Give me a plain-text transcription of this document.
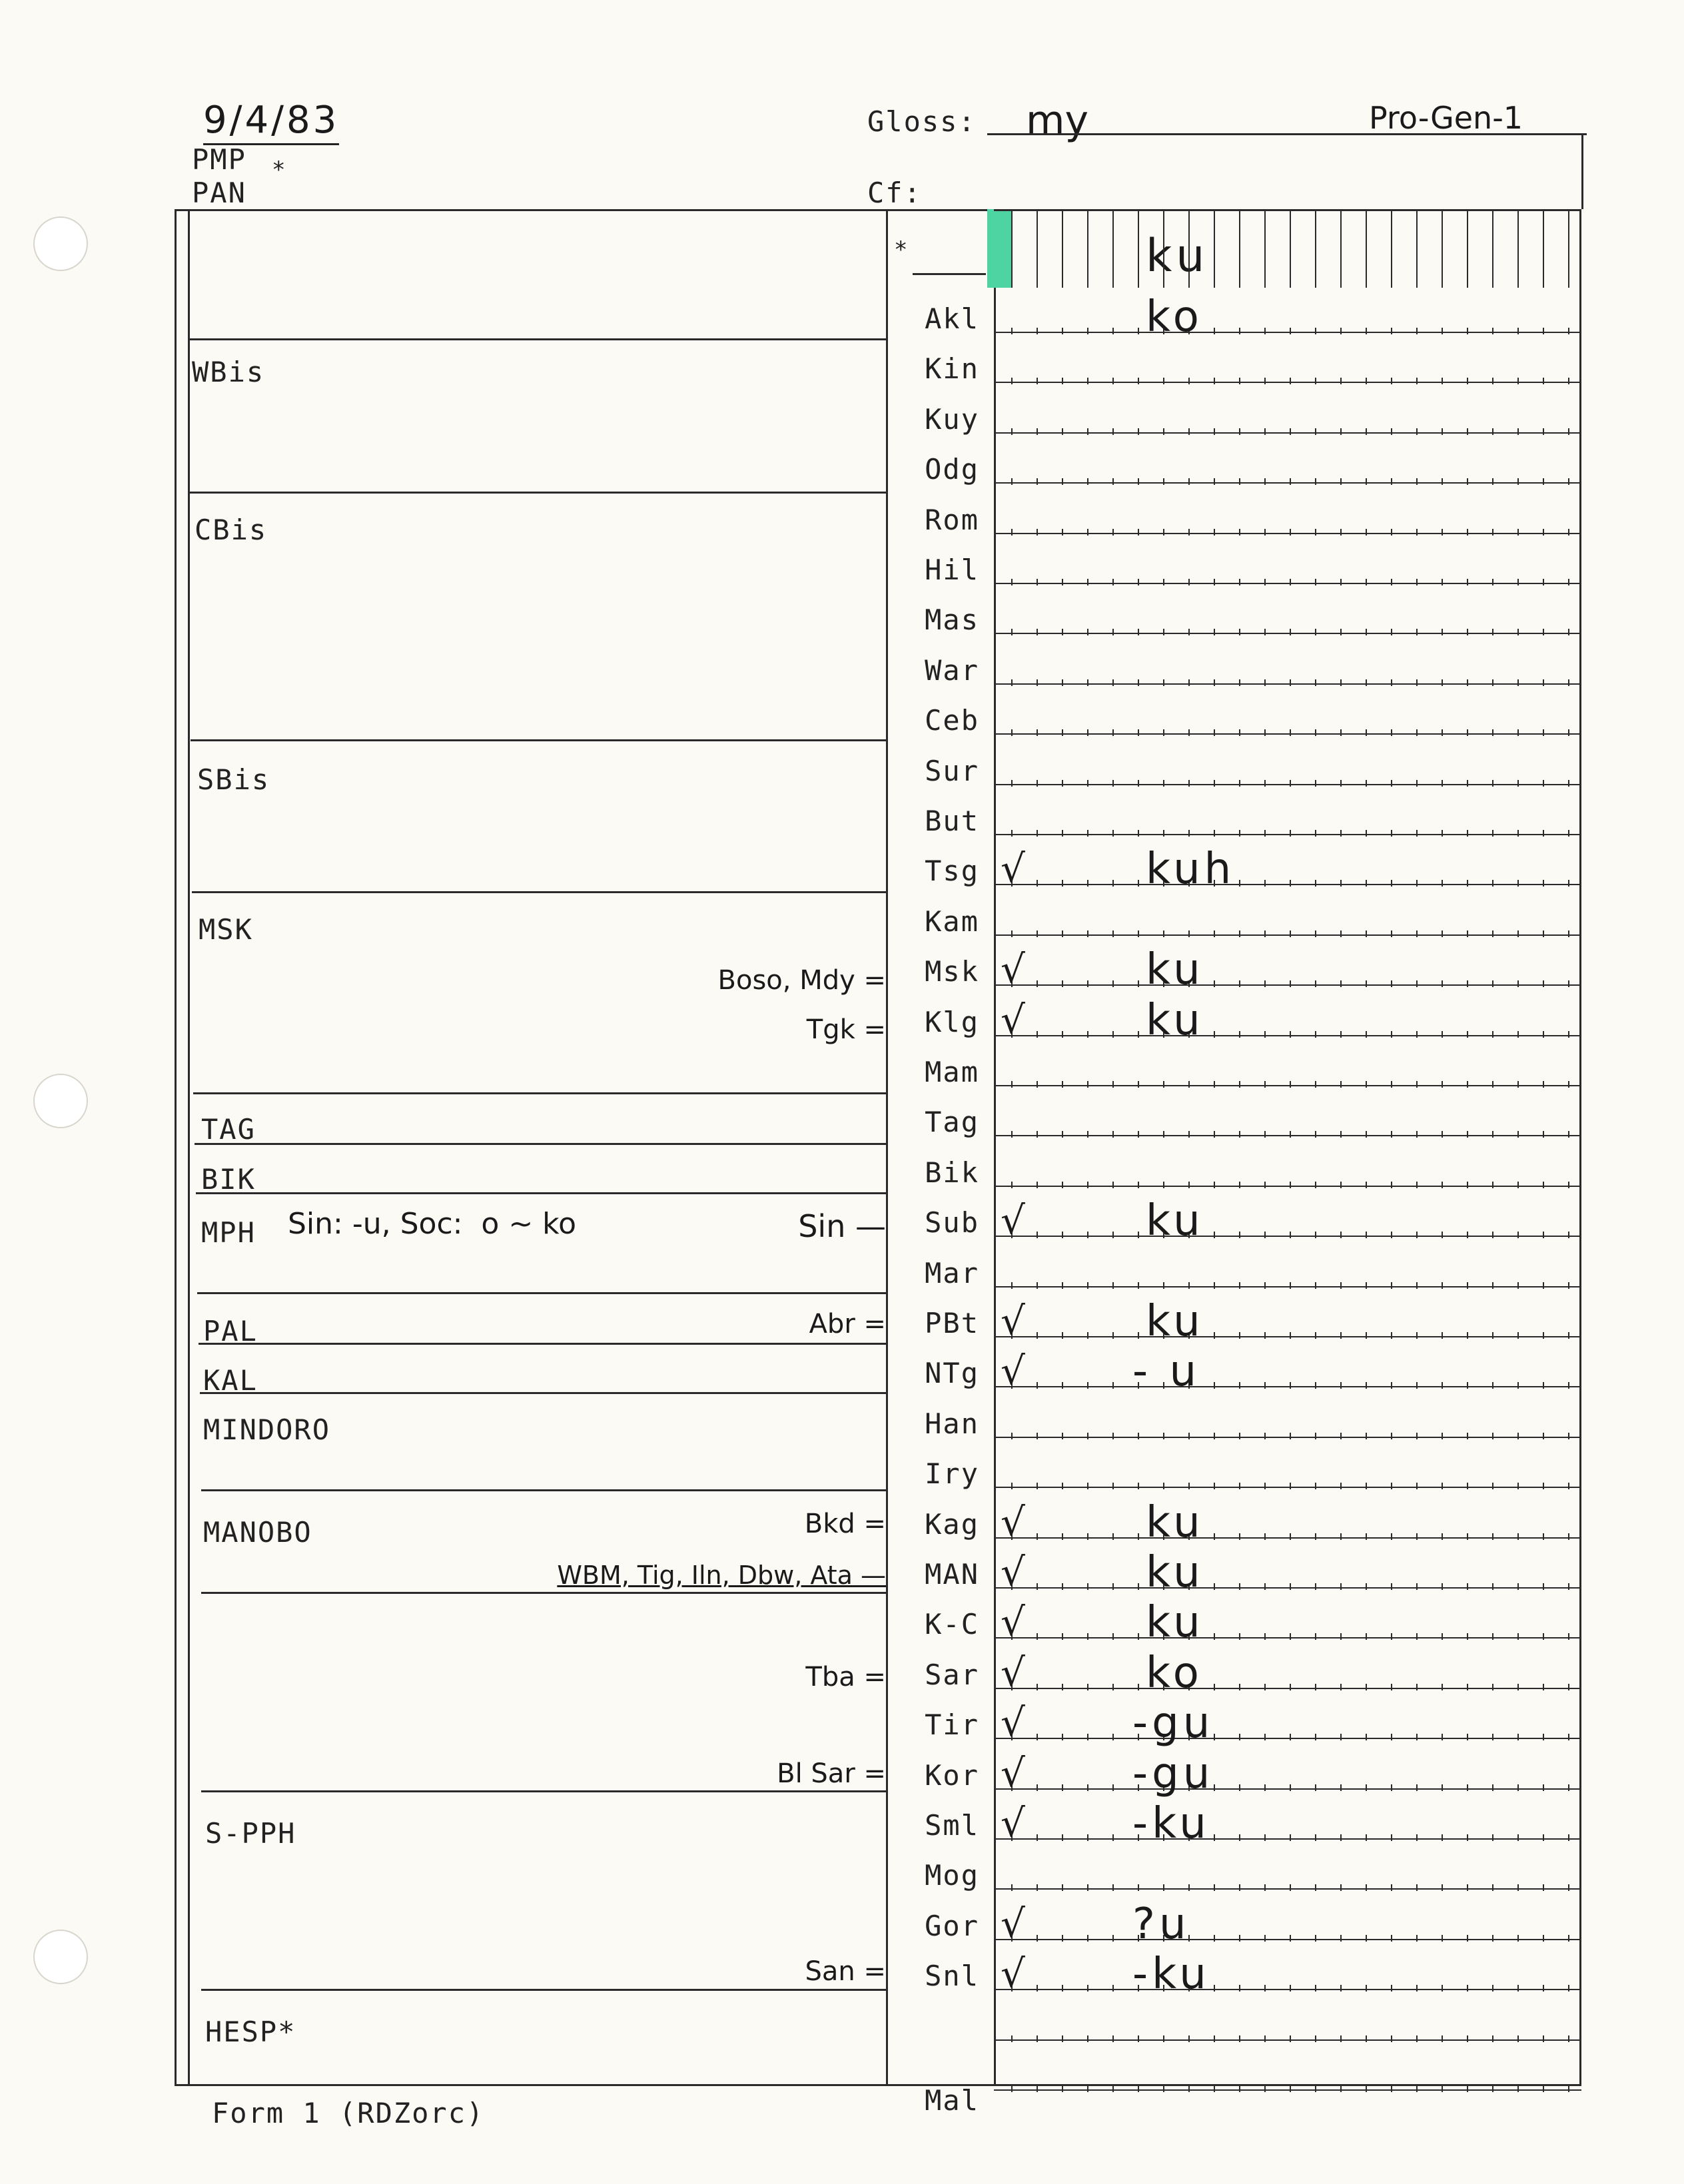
9/4/83
PMP *
PAN
Gloss: my	Pro-Gen-1
Cf:
WBis
CBis
SBis
MSK
TAG
BIK
MPH
PAL
KAL
MINDORO
MANOBO
S-PPH
HESP*
Sin: -u, Soc:  o ~ ko
Boso, Mdy =
Tgk =
Sin —
Abr =
Bkd =
WBM, Tig, Iln, Dbw, Ata —
Tba =
Bl Sar =
San =
*	ku
Akl	ko
Kin
Kuy
Odg
Rom
Hil
Mas
War
Ceb
Sur
But
Tsg √	kuh
Kam
Msk √	ku
Klg √	ku
Mam
Tag
Bik
Sub √	ku
Mar
PBt √	ku
NTg √	- u
Han
Iry
Kag √	ku
MAN √	ku
K-C √	ku
Sar √	ko
Tir √	-gu
Kor √	-gu
Sml √	-ku
Mog
Gor √	?u
Snl √	-ku
Mal
Form 1 (RDZorc)
